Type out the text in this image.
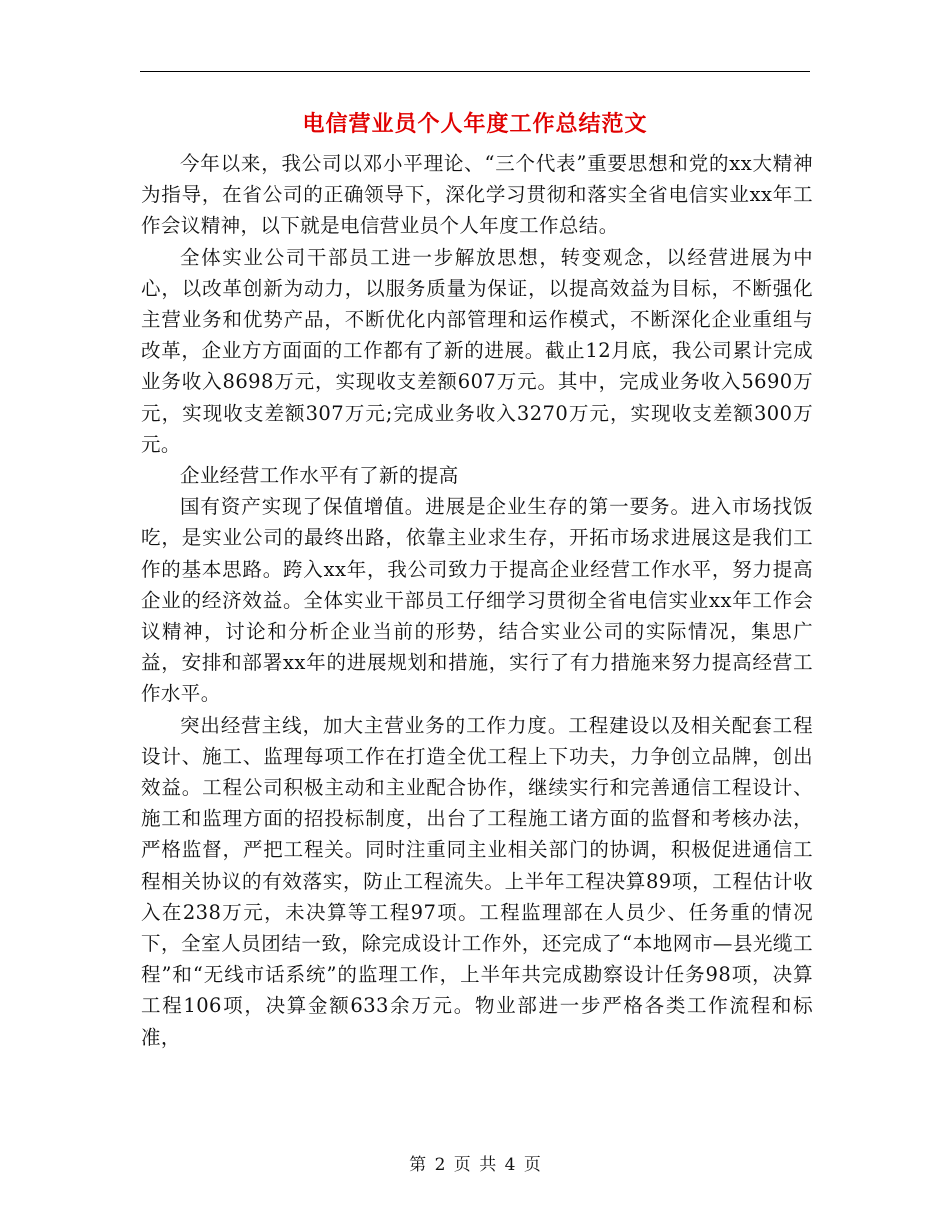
电信营业员个人年度工作总结范文

今年以来，我公司以邓小平理论、“三个代表”重要思想和党的xx大精神为指导，在省公司的正确领导下，深化学习贯彻和落实全省电信实业xx年工作会议精神，以下就是电信营业员个人年度工作总结。

全体实业公司干部员工进一步解放思想，转变观念，以经营进展为中心，以改革创新为动力，以服务质量为保证，以提高效益为目标，不断强化主营业务和优势产品，不断优化内部管理和运作模式，不断深化企业重组与改革，企业方方面面的工作都有了新的进展。截止12月底，我公司累计完成业务收入8698万元，实现收支差额607万元。其中，完成业务收入5690万元，实现收支差额307万元;完成业务收入3270万元，实现收支差额300万元。

企业经营工作水平有了新的提高

国有资产实现了保值增值。进展是企业生存的第一要务。进入市场找饭吃，是实业公司的最终出路，依靠主业求生存，开拓市场求进展这是我们工作的基本思路。跨入xx年，我公司致力于提高企业经营工作水平，努力提高企业的经济效益。全体实业干部员工仔细学习贯彻全省电信实业xx年工作会议精神，讨论和分析企业当前的形势，结合实业公司的实际情况，集思广益，安排和部署xx年的进展规划和措施，实行了有力措施来努力提高经营工作水平。

突出经营主线，加大主营业务的工作力度。工程建设以及相关配套工程设计、施工、监理每项工作在打造全优工程上下功夫，力争创立品牌，创出效益。工程公司积极主动和主业配合协作，继续实行和完善通信工程设计、施工和监理方面的招投标制度，出台了工程施工诸方面的监督和考核办法，严格监督，严把工程关。同时注重同主业相关部门的协调，积极促进通信工程相关协议的有效落实，防止工程流失。上半年工程决算89项，工程估计收入在238万元，未决算等工程97项。工程监理部在人员少、任务重的情况下，全室人员团结一致，除完成设计工作外，还完成了“本地网市—县光缆工程”和“无线市话系统”的监理工作，上半年共完成勘察设计任务98项，决算工程106项，决算金额633余万元。物业部进一步严格各类工作流程和标准，

第 2 页 共 4 页
